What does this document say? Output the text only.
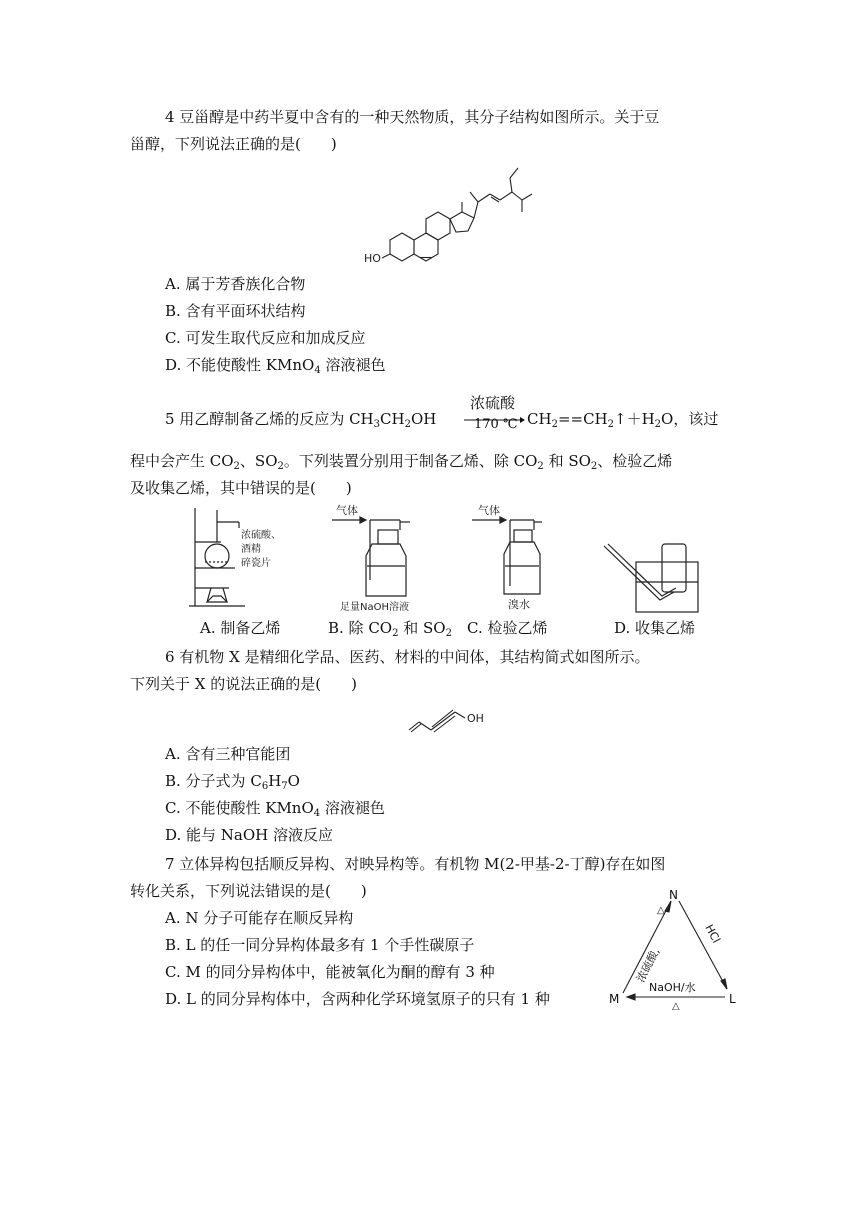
4 豆甾醇是中药半夏中含有的一种天然物质，其分子结构如图所示。关于豆
甾醇，下列说法正确的是(　　)
HO
A. 属于芳香族化合物
B. 含有平面环状结构
C. 可发生取代反应和加成反应
D. 不能使酸性 KMnO$_4$ 溶液褪色
浓硫酸
170 ℃
5 用乙醇制备乙烯的反应为 $CH_3CH_2OH$	$CH_2==CH_2↑+H_2O$，该过
程中会产生 $CO_2$、$SO_2$。下列装置分别用于制备乙烯、除 $CO_2$ 和 $SO_2$、检验乙烯
及收集乙烯，其中错误的是(　　)
浓硫酸、
酒精
碎瓷片
气体
足量NaOH溶液
气体
溴水
A. 制备乙烯	B. 除 $CO_2$ 和 $SO_2$ C. 检验乙烯	D. 收集乙烯
6 有机物 X 是精细化学品、医药、材料的中间体，其结构简式如图所示。
下列关于 X 的说法正确的是(　　)
OH
A. 含有三种官能团
B. 分子式为 $C_6H_7O$
C. 不能使酸性 KMnO$_4$ 溶液褪色
D. 能与 NaOH 溶液反应
7 立体异构包括顺反异构、对映异构等。有机物 M(2-甲基-2-丁醇)存在如图
转化关系，下列说法错误的是(　　)
A. N 分子可能存在顺反异构
B. L 的任一同分异构体最多有 1 个手性碳原子
C. M 的同分异构体中，能被氧化为酮的醇有 3 种
D. L 的同分异构体中，含两种化学环境氢原子的只有 1 种
N
M	L
浓硫酸,
△
HCl
NaOH/水
△
